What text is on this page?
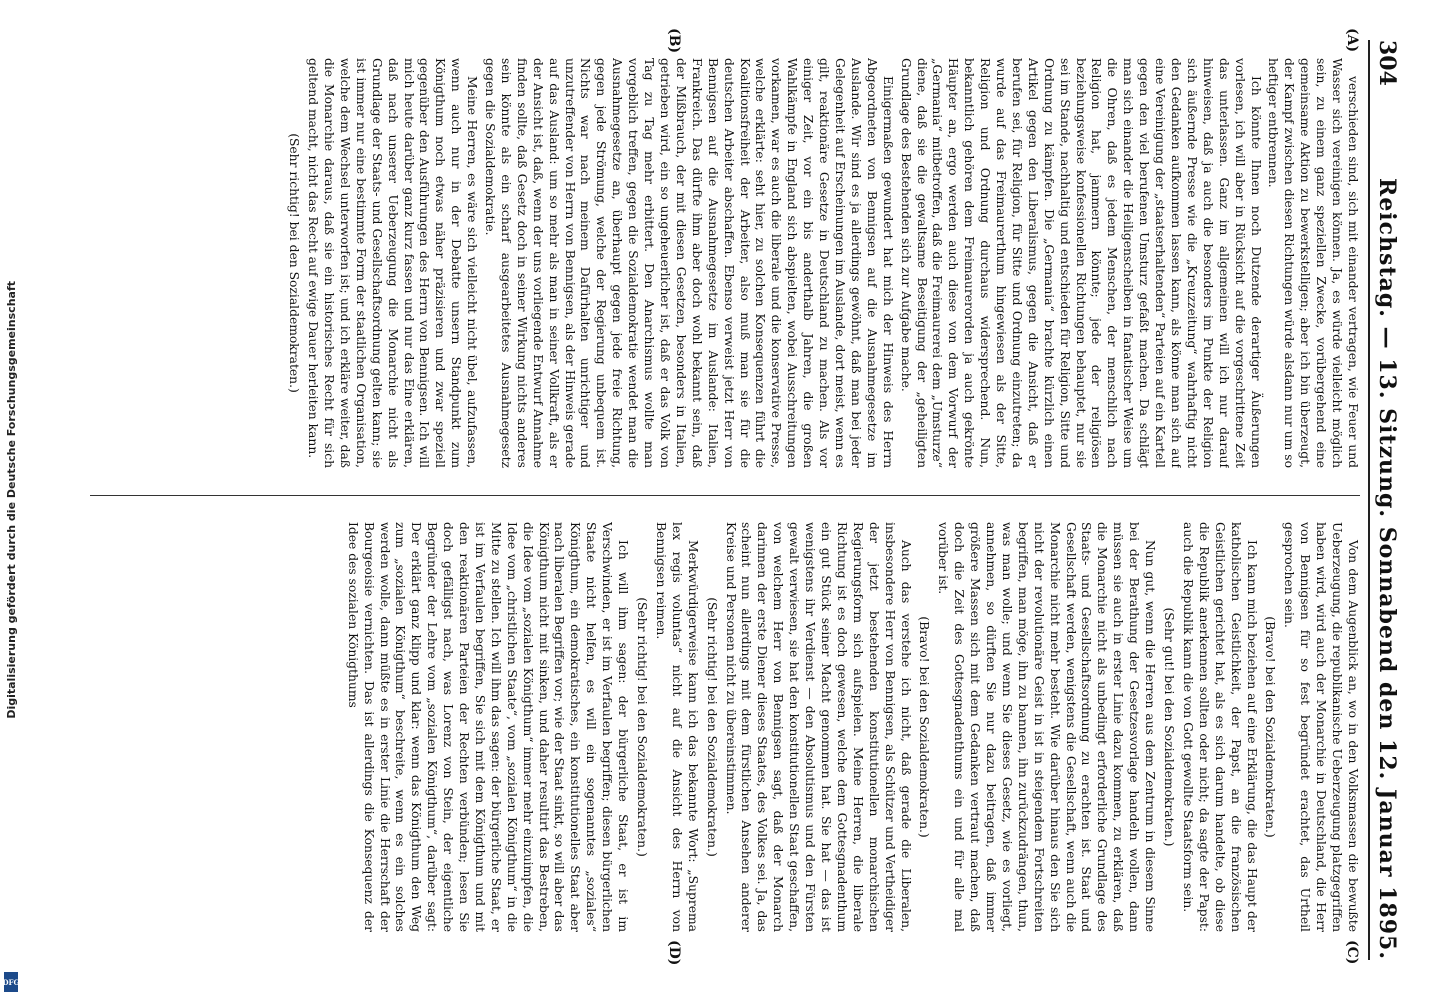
304
Reichstag. — 13. Sitzung. Sonnabend den 12. Januar 1895.
(A)
(B)
(C)
(D)

verschieden sind, sich mit einander vertragen, wie Feuer und Wasser sich vereinigen können. Ja, es würde vielleicht möglich sein, zu einem ganz speziellen Zwecke, vorübergehend eine gemeinsame Aktion zu bewerkstelligen; aber ich bin überzeugt, der Kampf zwischen diesen Richtungen würde alsdann nur um so heftiger entbrennen.

Ich könnte Ihnen noch Dutzende derartiger Äußerungen vorlesen, ich will aber in Rücksicht auf die vorgeschrittene Zeit das unterlassen. Ganz im allgemeinen will ich nur darauf hinweisen, daß ja auch die besonders im Punkte der Religion sich äußernde Presse wie die „Kreuzzeitung“ wahrhaftig nicht den Gedanken aufkommen lassen kann, als könne man sich auf eine Vereinigung der „staatserhaltenden“ Parteien auf ein Kartell gegen den viel berufenen Umsturz gefaßt machen. Da schlägt man sich einander die Heiligenscheiben in fanatischer Weise um die Ohren, daß es jedem Menschen, der menschlich nach Religion hat, jammern könnte; jede der religiösen beziehungsweise konfessionellen Richtungen behauptet, nur sie sei im Stande, nachhaltig und entschieden für Religion, Sitte und Ordnung zu kämpfen. Die „Germania“ brachte kürzlich einen Artikel gegen den Liberalismus, gegen die Ansicht, daß er berufen sei, für Religion, für Sitte und Ordnung einzutreten; da wurde auf das Freimaurerthum hingewiesen als der Sitte, Religion und Ordnung durchaus widersprechend. Nun, bekanntlich gehören dem Freimaurerorden ja auch gekrönte Häupter an, ergo werden auch diese von dem Vorwurf der „Germania“ mitbetroffen, daß die Freimaurerei dem „Umsturze“ diene, daß sie die gewaltsame Beseitigung der „geheiligten Grundlage des Bestehenden sich zur Aufgabe mache.

Einigermaßen gewundert hat mich der Hinweis des Herrn Abgeordneten von Bennigsen auf die Ausnahmegesetze im Auslande. Wir sind es ja allerdings gewöhnt, daß man bei jeder Gelegenheit auf Erscheinungen im Auslande, dort meist, wenn es gilt, reaktionäre Gesetze in Deutschland zu machen. Als vor einiger Zeit, vor ein bis anderthalb Jahren, die großen Wahlkämpfe in England sich abspielten, wobei Ausschreitungen vorkamen, war es auch die liberale und die konservative Presse, welche erklärte: seht hier, zu solchen Konsequenzen führt die Koalitionsfreiheit der Arbeiter, also muß man sie für die deutschen Arbeiter abschaffen. Ebenso verweist jetzt Herr von Bennigsen auf die Ausnahmegesetze im Auslande: Italien, Frankreich. Das dürfte ihm aber doch wohl bekannt sein, daß der Mißbrauch, der mit diesen Gesetzen, besonders in Italien, getrieben wird, ein so ungeheuerlicher ist, daß er das Volk von Tag zu Tag mehr erbittert. Den Anarchismus wollte man vorgeblich treffen, gegen die Sozialdemokratie wendet man die Ausnahmegesetze an, überhaupt gegen jede freie Richtung, gegen jede Strömung, welche der Regierung unbequem ist. Nichts war nach meinem Dafürhalten unrichtiger und unzutreffender von Herrn von Bennigsen, als der Hinweis gerade auf das Ausland: um so mehr als man in seiner Vollkraft, als er der Ansicht ist, daß, wenn der uns vorliegende Entwurf Annahme finden sollte, daß Gesetz doch in seiner Wirkung nichts anderes sein könnte als ein scharf ausgearbeitetes Ausnahmegesetz gegen die Sozialdemokratie.

Meine Herren, es wäre sich vielleicht nicht übel, aufzufassen, wenn auch nur in der Debatte unsern Standpunkt zum Königthum noch etwas näher präzisieren und zwar speziell gegenüber den Ausführungen des Herrn von Bennigsen. Ich will mich heute darüber ganz kurz fassen und nur das Eine erklären, daß nach unserer Ueberzeugung die Monarchie nicht als Grundlage der Staats- und Gesellschaftsordnung gelten kann; sie ist immer nur eine bestimmte Form der staatlichen Organisation, welche dem Wechsel unterworfen ist; und ich erkläre weiter, daß die Monarchie daraus, daß sie ein historisches Recht für sich geltend macht, nicht das Recht auf ewige Dauer herleiten kann.

(Sehr richtig! bei den Sozialdemokraten.)

Von dem Augenblick an, wo in den Volksmassen die bewußte Ueberzeugung, die republikanische Ueberzeugung platzgegriffen haben wird, wird auch der Monarchie in Deutschland, die Herr von Bennigsen für so fest begründet erachtet, das Urtheil gesprochen sein.

(Bravo! bei den Sozialdemokraten.)

Ich kann mich beziehen auf eine Erklärung, die das Haupt der katholischen Geistlichkeit, der Papst, an die französischen Geistlichen gerichtet hat, als es sich darum handelte, ob diese die Republik anerkennen sollten oder nicht; da sagte der Papst: auch die Republik kann die von Gott gewollte Staatsform sein.

(Sehr gut! bei den Sozialdemokraten.)

Nun gut, wenn die Herren aus dem Zentrum in diesem Sinne bei der Berathung der Gesetzesvorlage handeln wollen, dann müssen sie auch in erster Linie dazu kommen, zu erklären, daß die Monarchie nicht als unbedingt erforderliche Grundlage des Staats- und Gesellschaftsordnung zu erachten ist. Staat und Gesellschaft werden, wenigstens die Gesellschaft, wenn auch die Monarchie nicht mehr besteht. Wie darüber hinaus den Sie sich nicht der revolutionäre Geist in ist in steigendem Fortschreiten begriffen, man möge, ihn zu bannen, ihn zurückzudrängen, thun, was man wolle; und wenn Sie dieses Gesetz, wie es vorliegt, annehmen, so dürften Sie nur dazu beitragen, daß immer größere Massen sich mit dem Gedanken vertraut machen, daß doch die Zeit des Gottesgnadenthums ein und für alle mal vorüber ist.

(Bravo! bei den Sozialdemokraten.)

Auch das verstehe ich nicht, daß gerade die Liberalen, insbesondere Herr von Bennigsen, als Schützer und Vertheidiger der jetzt bestehenden konstitutionellen monarchischen Regierungsform sich aufspielen. Meine Herren, die liberale Richtung ist es doch gewesen, welche dem Gottesgnadenthum ein gut Stück seiner Macht genommen hat. Sie hat — das ist wenigstens ihr Verdienst — den Absolutismus und den Fürsten gewalt verwiesen, sie hat den konstitutionellen Staat geschaffen, von welchem Herr von Bennigsen sagt, daß der Monarch darinnen der erste Diener dieses Staates, des Volkes sei. Ja, das scheint nun allerdings mit dem fürstlichen Ansehen anderer Kreise und Personen nicht zu übereinstimmen.

(Sehr richtig! bei den Sozialdemokraten.)

Merkwürdigerweise kann ich das bekannte Wort: „Suprema lex regis voluntas“ nicht auf die Ansicht des Herrn von Bennigsen reimen.

(Sehr richtig! bei den Sozialdemokraten.)

Ich will ihm sagen: der bürgerliche Staat, er ist im Verschwinden, er ist im Verfaulen begriffen; diesen bürgerlichen Staate nicht helfen, es will ein sogenanntes „soziales“ Königthum, ein demokratisches, ein konstitutionelles Staat aber nach liberalen Begriffen vor; wie der Staat sinkt, so will aber das Königthum nicht mit sinken, und daher resultirt das Bestreben, die Idee vom „sozialen Königthum“ immer mehr einzuimpfen, die Idee vom „christlichen Staate“, vom „sozialen Königthum“ in die Mitte zu stellen. Ich will ihm das sagen: der bürgerliche Staat, er ist im Verfaulen begriffen, Sie sich mit dem Königthum und mit den reaktionären Parteien der Rechten verbünden; lesen Sie doch gefälligst nach, was Lorenz von Stein, der eigentliche Begründer der Lehre vom „sozialen Königthum“, darüber sagt: Der erklärt ganz klipp und klar: wenn das Königthum den Weg zum „sozialen Königthum“ beschreite, wenn es ein solches werden wolle, dann müßte es in erster Linie die Herrschaft der Bourgeoisie vernichten. Das ist allerdings die Konsequenz der Idee des sozialen Königthums

Digitalisierung gefördert durch die Deutsche Forschungsgemeinschaft
DFG
